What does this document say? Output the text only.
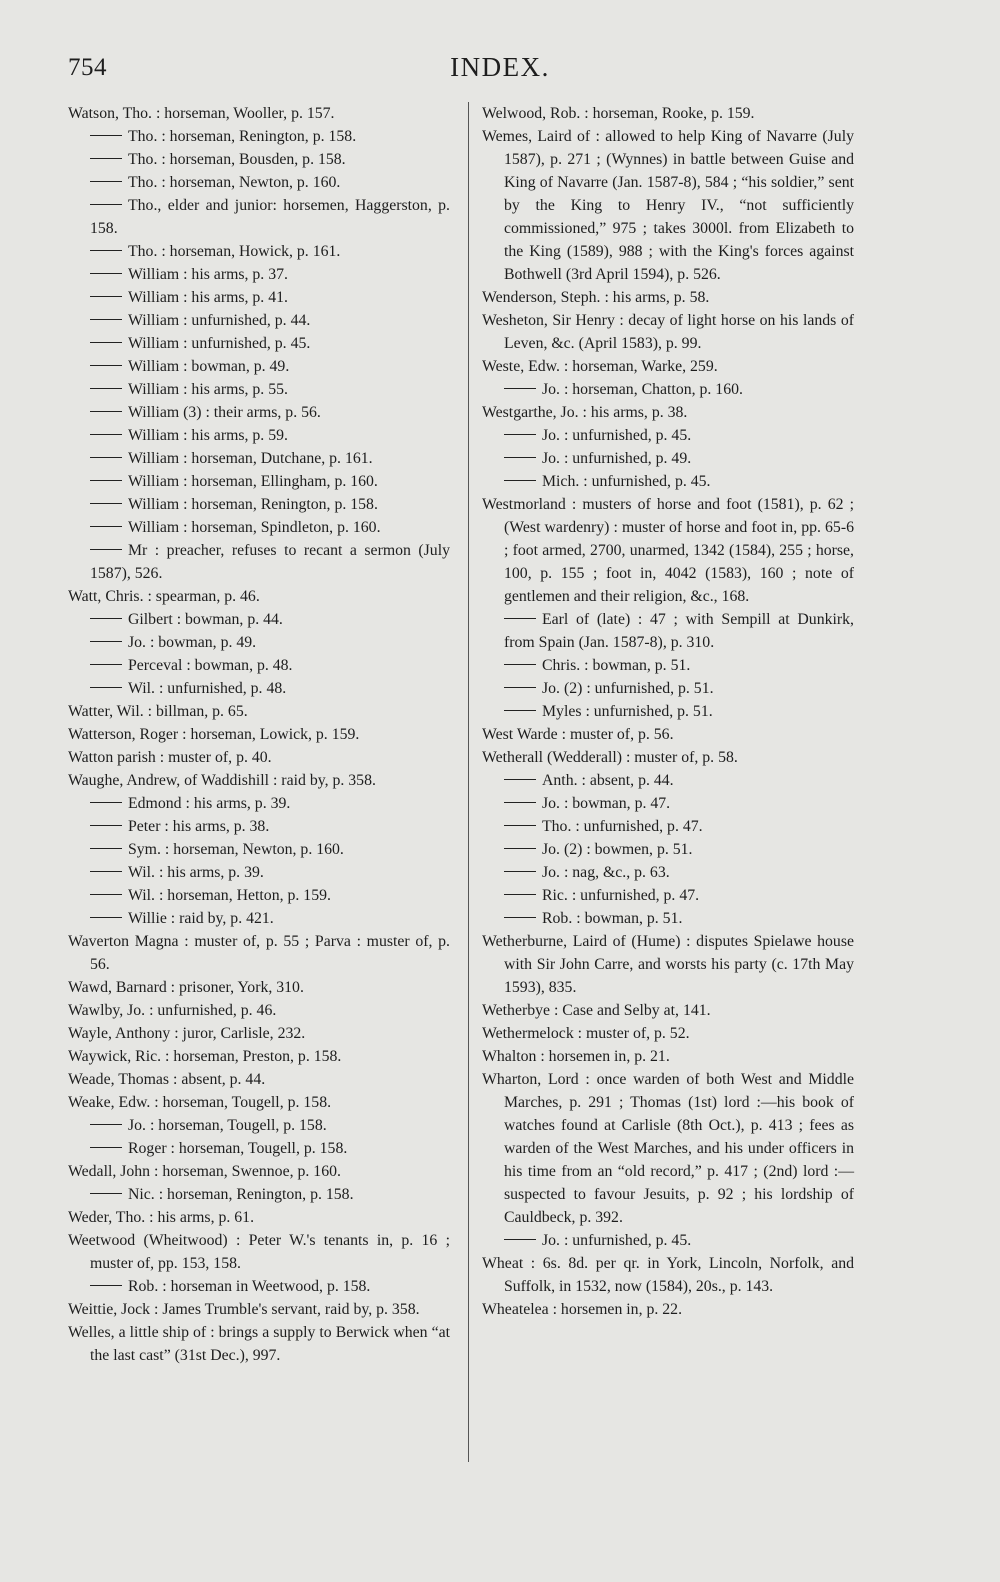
754	INDEX.

Watson, Tho. : horseman, Wooller, p. 157.

Tho. : horseman, Renington, p. 158.

Tho. : horseman, Bousden, p. 158.

Tho. : horseman, Newton, p. 160.

Tho., elder and junior: horsemen, Haggerston, p. 158.

Tho. : horseman, Howick, p. 161.

William : his arms, p. 37.

William : his arms, p. 41.

William : unfurnished, p. 44.

William : unfurnished, p. 45.

William : bowman, p. 49.

William : his arms, p. 55.

William (3) : their arms, p. 56.

William : his arms, p. 59.

William : horseman, Dutchane, p. 161.

William : horseman, Ellingham, p. 160.

William : horseman, Renington, p. 158.

William : horseman, Spindleton, p. 160.

Mr : preacher, refuses to recant a sermon (July 1587), 526.

Watt, Chris. : spearman, p. 46.

Gilbert : bowman, p. 44.

Jo. : bowman, p. 49.

Perceval : bowman, p. 48.

Wil. : unfurnished, p. 48.

Watter, Wil. : billman, p. 65.

Watterson, Roger : horseman, Lowick, p. 159.

Watton parish : muster of, p. 40.

Waughe, Andrew, of Waddishill : raid by, p. 358.

Edmond : his arms, p. 39.

Peter : his arms, p. 38.

Sym. : horseman, Newton, p. 160.

Wil. : his arms, p. 39.

Wil. : horseman, Hetton, p. 159.

Willie : raid by, p. 421.

Waverton Magna : muster of, p. 55 ; Parva : muster of, p. 56.

Wawd, Barnard : prisoner, York, 310.

Wawlby, Jo. : unfurnished, p. 46.

Wayle, Anthony : juror, Carlisle, 232.

Waywick, Ric. : horseman, Preston, p. 158.

Weade, Thomas : absent, p. 44.

Weake, Edw. : horseman, Tougell, p. 158.

Jo. : horseman, Tougell, p. 158.

Roger : horseman, Tougell, p. 158.

Wedall, John : horseman, Swennoe, p. 160.

Nic. : horseman, Renington, p. 158.

Weder, Tho. : his arms, p. 61.

Weetwood (Wheitwood) : Peter W.'s tenants in, p. 16 ; muster of, pp. 153, 158.

Rob. : horseman in Weetwood, p. 158.

Weittie, Jock : James Trumble's servant, raid by, p. 358.

Welles, a little ship of : brings a supply to Berwick when “at the last cast” (31st Dec.), 997.

Welwood, Rob. : horseman, Rooke, p. 159.

Wemes, Laird of : allowed to help King of Navarre (July 1587), p. 271 ; (Wynnes) in battle between Guise and King of Navarre (Jan. 1587-8), 584 ; “his soldier,” sent by the King to Henry IV., “not sufficiently commissioned,” 975 ; takes 3000l. from Elizabeth to the King (1589), 988 ; with the King's forces against Bothwell (3rd April 1594), p. 526.

Wenderson, Steph. : his arms, p. 58.

Wesheton, Sir Henry : decay of light horse on his lands of Leven, &c. (April 1583), p. 99.

Weste, Edw. : horseman, Warke, 259.

Jo. : horseman, Chatton, p. 160.

Westgarthe, Jo. : his arms, p. 38.

Jo. : unfurnished, p. 45.

Jo. : unfurnished, p. 49.

Mich. : unfurnished, p. 45.

Westmorland : musters of horse and foot (1581), p. 62 ; (West wardenry) : muster of horse and foot in, pp. 65-6 ; foot armed, 2700, unarmed, 1342 (1584), 255 ; horse, 100, p. 155 ; foot in, 4042 (1583), 160 ; note of gentlemen and their religion, &c., 168.

Earl of (late) : 47 ; with Sempill at Dunkirk, from Spain (Jan. 1587-8), p. 310.

Chris. : bowman, p. 51.

Jo. (2) : unfurnished, p. 51.

Myles : unfurnished, p. 51.

West Warde : muster of, p. 56.

Wetherall (Wedderall) : muster of, p. 58.

Anth. : absent, p. 44.

Jo. : bowman, p. 47.

Tho. : unfurnished, p. 47.

Jo. (2) : bowmen, p. 51.

Jo. : nag, &c., p. 63.

Ric. : unfurnished, p. 47.

Rob. : bowman, p. 51.

Wetherburne, Laird of (Hume) : disputes Spielawe house with Sir John Carre, and worsts his party (c. 17th May 1593), 835.

Wetherbye : Case and Selby at, 141.

Wethermelock : muster of, p. 52.

Whalton : horsemen in, p. 21.

Wharton, Lord : once warden of both West and Middle Marches, p. 291 ; Thomas (1st) lord :—his book of watches found at Carlisle (8th Oct.), p. 413 ; fees as warden of the West Marches, and his under officers in his time from an “old record,” p. 417 ; (2nd) lord :—suspected to favour Jesuits, p. 92 ; his lordship of Cauldbeck, p. 392.

Jo. : unfurnished, p. 45.

Wheat : 6s. 8d. per qr. in York, Lincoln, Norfolk, and Suffolk, in 1532, now (1584), 20s., p. 143.

Wheatelea : horsemen in, p. 22.
